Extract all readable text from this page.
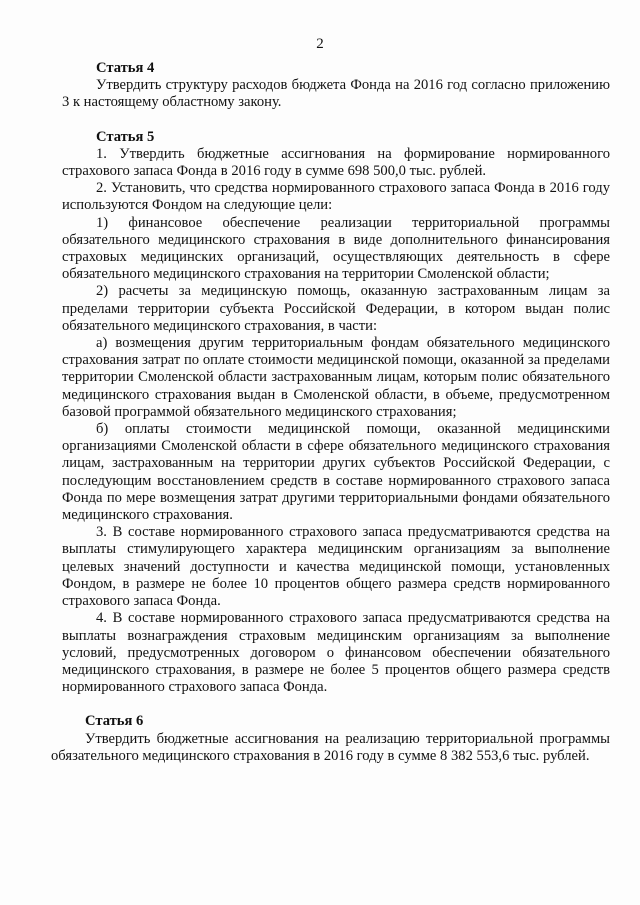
2

Статья 4

Утвердить структуру расходов бюджета Фонда на 2016 год согласно приложению 3 к настоящему областному закону.

Статья 5

1. Утвердить бюджетные ассигнования на формирование нормированного страхового запаса Фонда в 2016 году в сумме 698 500,0 тыс. рублей.

2. Установить, что средства нормированного страхового запаса Фонда в 2016 году используются Фондом на следующие цели:

1) финансовое обеспечение реализации территориальной программы обязательного медицинского страхования в виде дополнительного финансирования страховых медицинских организаций, осуществляющих деятельность в сфере обязательного медицинского страхования на территории Смоленской области;

2) расчеты за медицинскую помощь, оказанную застрахованным лицам за пределами территории субъекта Российской Федерации, в котором выдан полис обязательного медицинского страхования, в части:

а) возмещения другим территориальным фондам обязательного медицинского страхования затрат по оплате стоимости медицинской помощи, оказанной за пределами территории Смоленской области застрахованным лицам, которым полис обязательного медицинского страхования выдан в Смоленской области, в объеме, предусмотренном базовой программой обязательного медицинского страхования;

б) оплаты стоимости медицинской помощи, оказанной медицинскими организациями Смоленской области в сфере обязательного медицинского страхования лицам, застрахованным на территории других субъектов Российской Федерации, с последующим восстановлением средств в составе нормированного страхового запаса Фонда по мере возмещения затрат другими территориальными фондами обязательного медицинского страхования.

3. В составе нормированного страхового запаса предусматриваются средства на выплаты стимулирующего характера медицинским организациям за выполнение целевых значений доступности и качества медицинской помощи, установленных Фондом, в размере не более 10 процентов общего размера средств нормированного страхового запаса Фонда.

4. В составе нормированного страхового запаса предусматриваются средства на выплаты вознаграждения страховым медицинским организациям за выполнение условий, предусмотренных договором о финансовом обеспечении обязательного медицинского страхования, в размере не более 5 процентов общего размера средств нормированного страхового запаса Фонда.

Статья 6

Утвердить бюджетные ассигнования на реализацию территориальной программы обязательного медицинского страхования в 2016 году в сумме 8 382 553,6 тыс. рублей.
